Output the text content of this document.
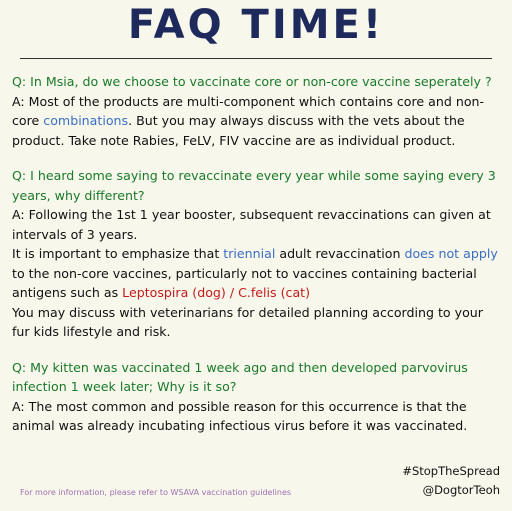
FAQ TIME!
Q: In Msia, do we choose to vaccinate core or non-core vaccine seperately ?
A: Most of the products are multi-component which contains core and non-core combinations. But you may always discuss with the vets about the product. Take note Rabies, FeLV, FIV vaccine are as individual product.
Q: I heard some saying to revaccinate every year while some saying every 3 years, why different?
A: Following the 1st 1 year booster, subsequent revaccinations can given at intervals of 3 years.
It is important to emphasize that triennial adult revaccination does not apply to the non-core vaccines, particularly not to vaccines containing bacterial antigens such as Leptospira (dog) / C.felis (cat)
You may discuss with veterinarians for detailed planning according to your fur kids lifestyle and risk.
Q: My kitten was vaccinated 1 week ago and then developed parvovirus infection 1 week later; Why is it so?
A: The most common and possible reason for this occurrence is that the animal was already incubating infectious virus before it was vaccinated.
#StopTheSpread
@DogtorTeoh
For more information, please refer to WSAVA vaccination guidelines
